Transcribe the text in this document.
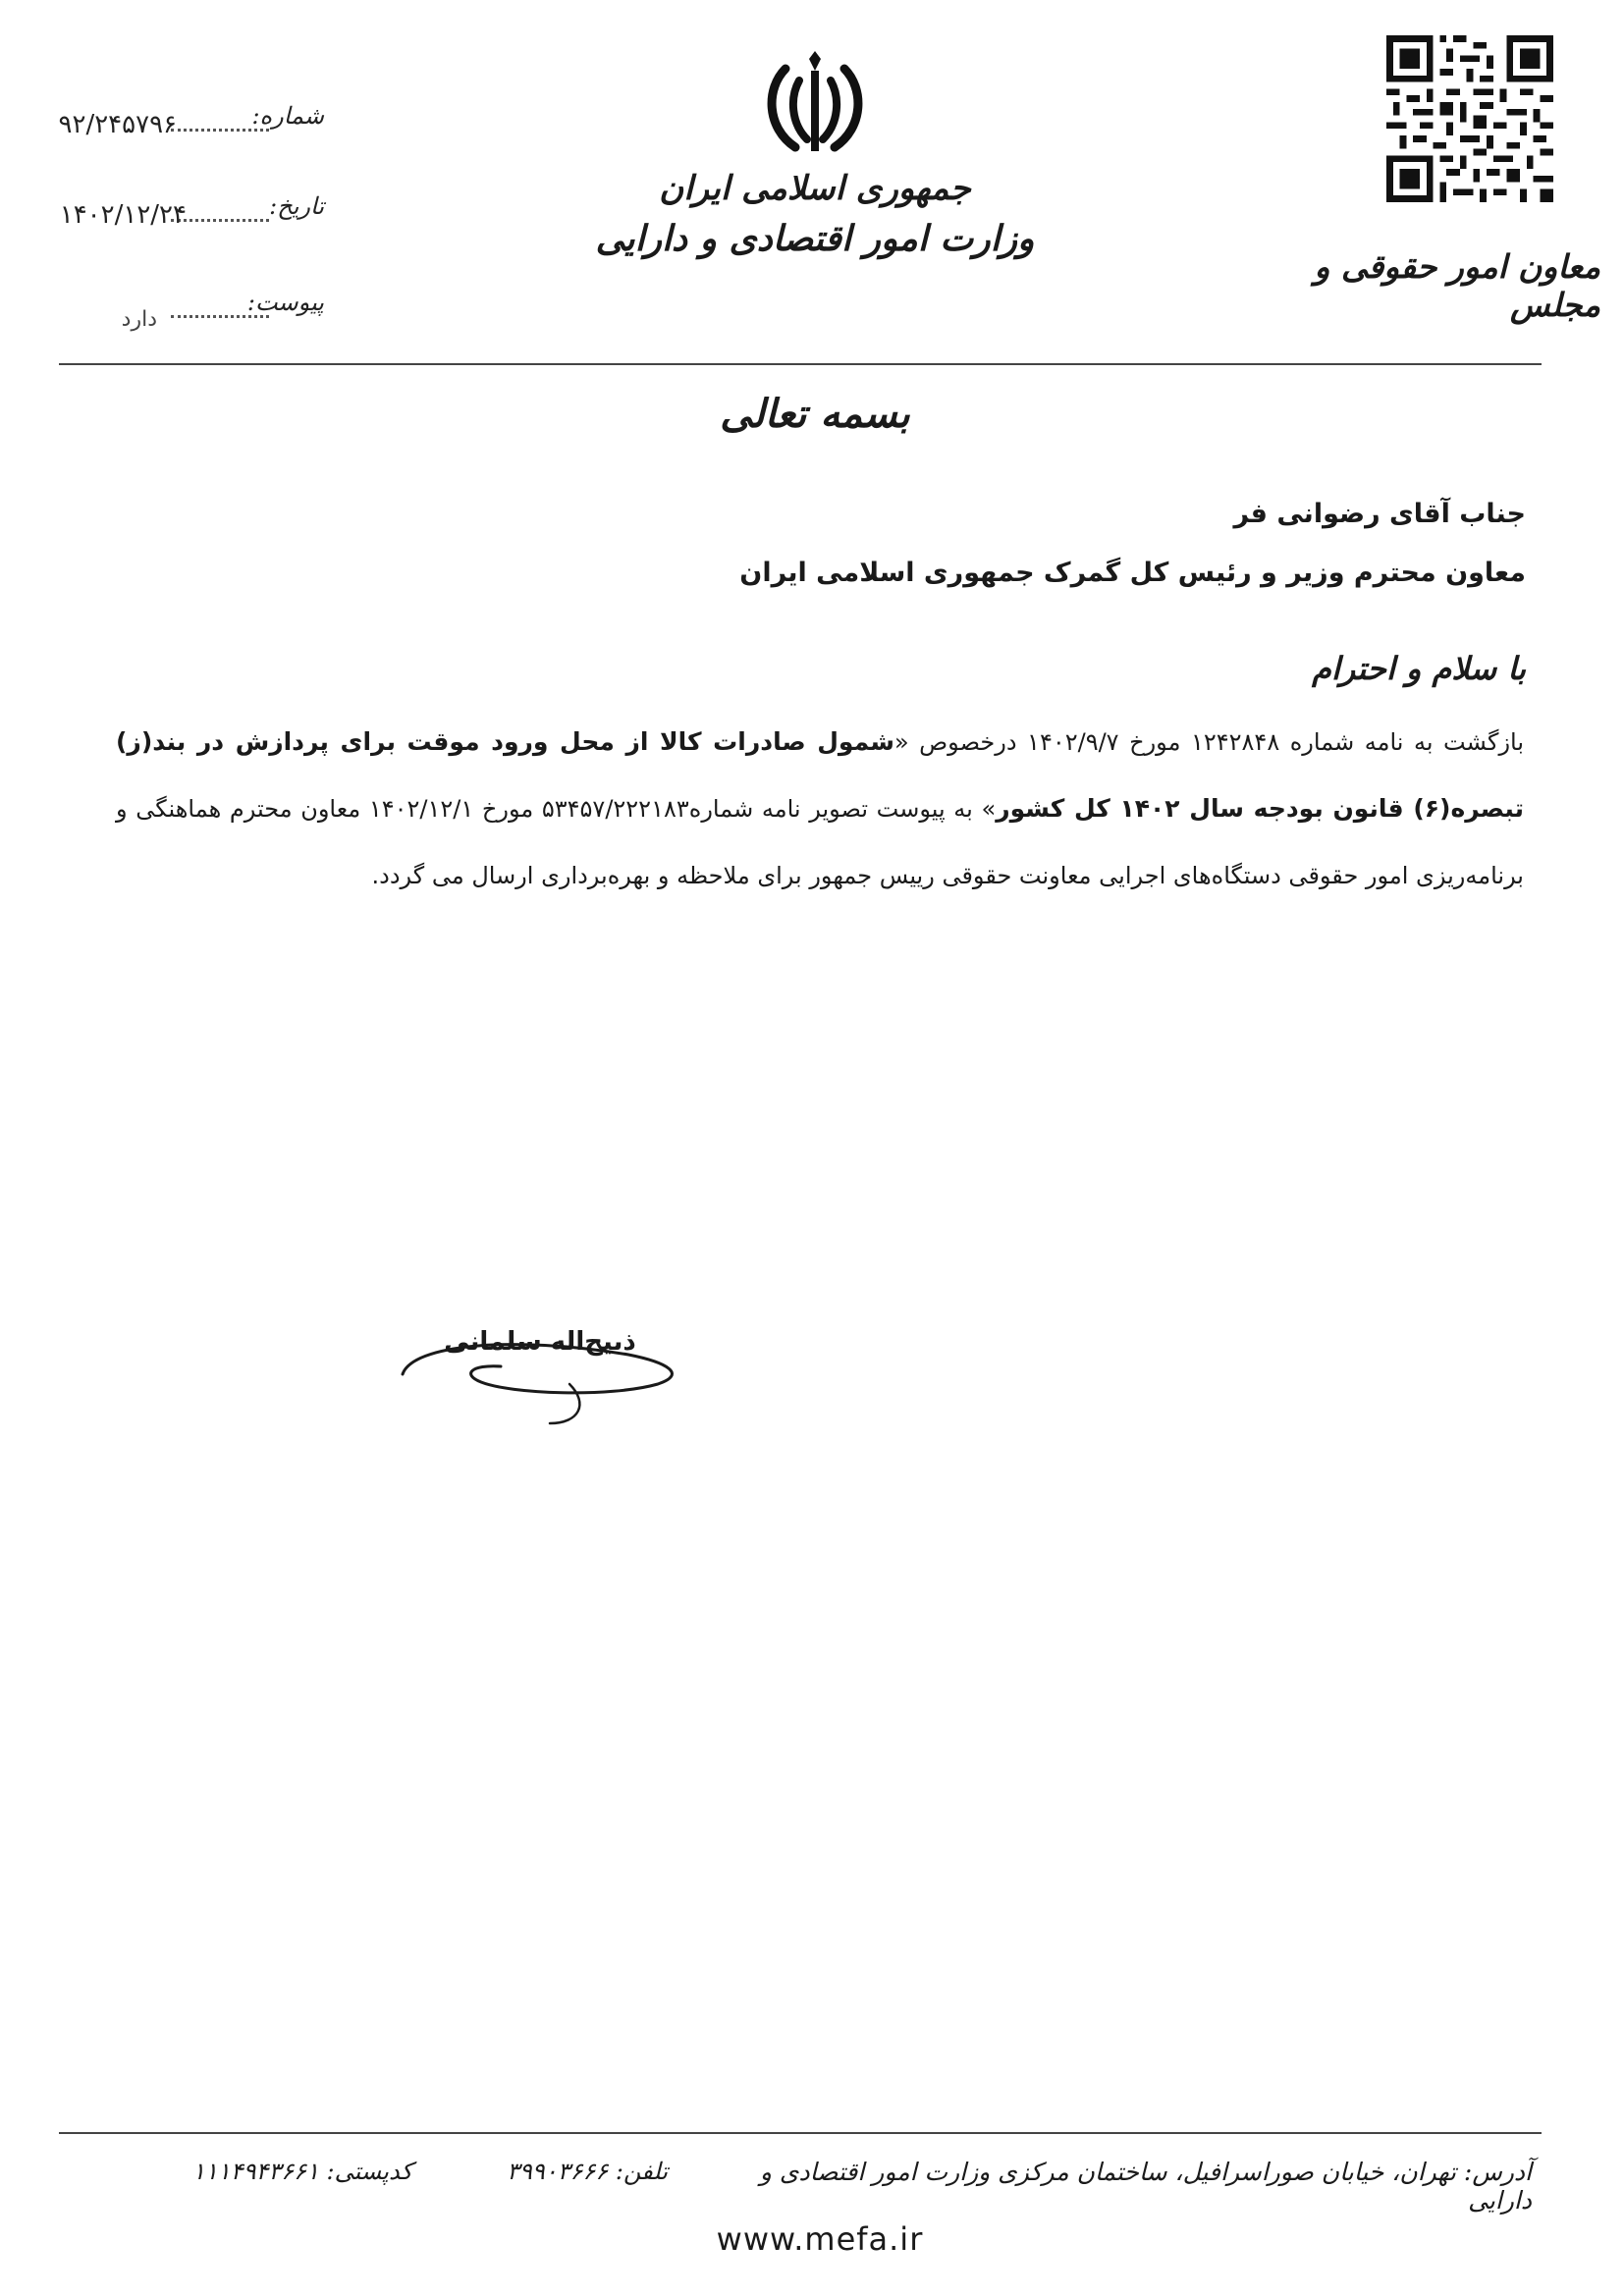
شماره:
۹۲/۲۴۵۷۹۶
تاریخ:
۱۴۰۲/۱۲/۲۴
پیوست:
دارد
جمهوری اسلامی ایران
وزارت امور اقتصادی و دارایی
معاون امور حقوقی و مجلس
بسمه تعالی
جناب آقای رضوانی فر
معاون محترم وزیر و رئیس کل گمرک جمهوری اسلامی ایران
با سلام و احترام
بازگشت به نامه شماره ۱۲۴۲۸۴۸ مورخ ۱۴۰۲/۹/۷ درخصوص «شمول صادرات کالا از محل ورود موقت برای پردازش در بند(ز) تبصره(۶) قانون بودجه سال ۱۴۰۲ کل کشور» به پیوست تصویر نامه شماره۵۳۴۵۷/۲۲۲۱۸۳ مورخ ۱۴۰۲/۱۲/۱ معاون محترم هماهنگی و برنامه‌ریزی امور حقوقی دستگاه‌های اجرایی معاونت حقوقی رییس جمهور برای ملاحظه و بهره‌برداری ارسال می گردد.
ذبیح‌اله سلمانی
آدرس: تهران، خیابان صوراسرافیل، ساختمان مرکزی وزارت امور اقتصادی و دارایی
تلفن: ۳۹۹۰۳۶۶۶
کدپستی: ۱۱۱۴۹۴۳۶۶۱
www.mefa.ir
